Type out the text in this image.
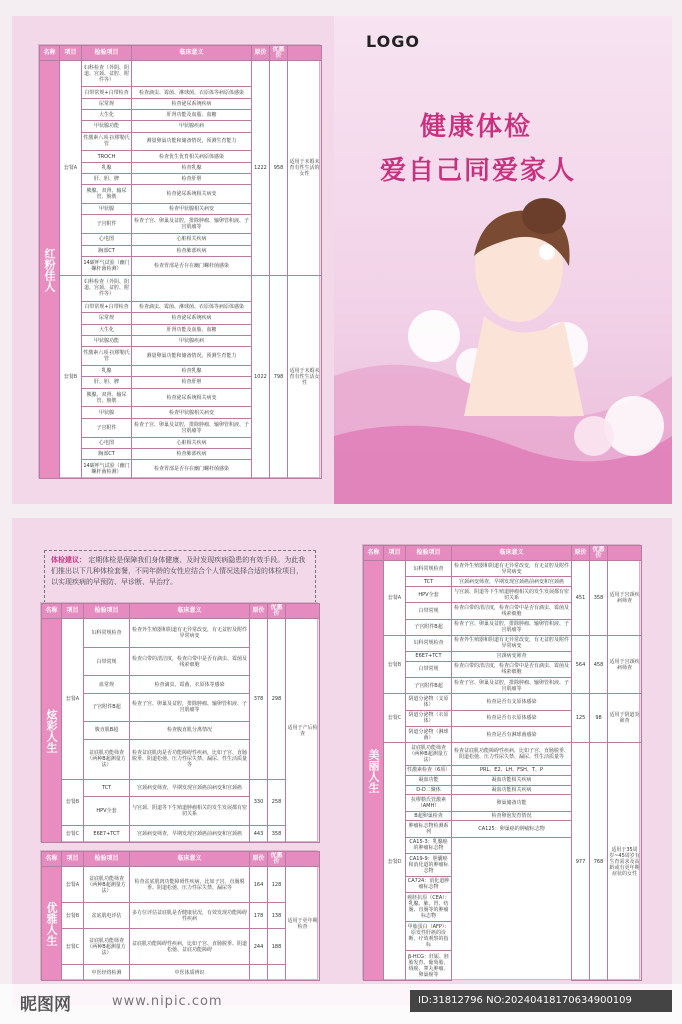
LOGO
健康体检
爱自己同爱家人
名称	项目	检验项目	临床意义	原价	优惠价	
红粉佳人	套餐A	妇科检查（外阴、阴道、宫颈、盆腔、附件等）		1222	958	适用于未婚未育有性生活的女性
		白带常规+白带检查	检查滴虫、霉菌、淋球菌、衣原体等病原体感染			
		尿常规	检查泌尿系统疾病			
		大生化	肝肾功能及血脂、血糖			
		甲状腺功能	甲状腺疾病			
		性激素六项·抗缪勒氏管	测量卵巢功能和储备情况，预测生育能力			
		TROCH	检查优生优育相关病原体感染			
		乳腺	检查乳腺			
		肝、胆、脾	检查肝胆			
		胰腺、双肾、输尿管、膀胱	检查泌尿系统相关病变			
		甲状腺	检查甲状腺相关病变			
		子宫附件	检查子宫、卵巢及盆腔，排除肿瘤、输卵管积液、子宫肌瘤等			
		心电图	心脏相关疾病			
		胸部CT	检查肺部疾病			
		14碳呼气试验（幽门螺杆菌检测）	检查胃部是否存在幽门螺杆菌感染			
	套餐B	妇科检查（外阴、阴道、宫颈、盆腔、附件等）		1022	798	适用于未婚未育有性生活女性
		白带常规+白带检查	检查滴虫、霉菌、淋球菌、衣原体等病原体感染			
		尿常规	检查泌尿系统疾病			
		大生化	肝肾功能及血脂、血糖			
		甲状腺功能	甲状腺疾病			
		性激素六项·抗缪勒氏管	测量卵巢功能和储备情况，预测生育能力			
		乳腺	检查乳腺			
		肝、胆、脾	检查肝胆			
		胰腺、双肾、输尿管、膀胱	检查泌尿系统相关病变			
		甲状腺	检查甲状腺相关病变			
		子宫附件	检查子宫、卵巢及盆腔，排除肿瘤、输卵管积液、子宫肌瘤等			
		心电图	心脏相关疾病			
		胸部CT	检查肺部疾病			
		14碳呼气试验（幽门螺杆菌检测）	检查胃部是否存在幽门螺杆菌感染			
体检建议： 定期体检是保障我们身体健康、及时发现疾病隐患的有效手段。为此我们推出以下几种体检套餐，不同年龄的女性应结合个人情况选择合适的体检项目，以实现疾病的早预防、早诊断、早治疗。
名称	项目	检验项目	临床意义	原价	优惠价	
炫彩人生	套餐A	妇科常规检查	检查外生殖器和阴道有无异常改变，有无盆腔及附件异常病变	378	298	适用于产后检查
		白带常规	检查白带的清洁度，检查白带中是否有滴虫、霉菌及线索细胞			
		血常规	检查滴虫、霉菌、衣原体等感染			
		子宫附件B超	检查子宫、卵巢及盆腔，排除肿瘤、输卵管积液、子宫肌瘤等			
		腹直肌B超	检查腹直肌分离情况			
		盆底肌功能筛查（两种B超测量方法）	检查盆底肌肉是否功能障碍性疾病，比如子宫、直肠脱垂、阴道松弛、压力性尿失禁、漏尿、性生活质量等			
	套餐B	TCT	宫颈病变筛查，早期发现宫颈癌前病变和宫颈癌	330	258	
		HPV全套	与宫颈、阴道等下生殖道肿瘤相关的发生发展都有密切关系			
	套餐C	E6E7+TCT	宫颈病变筛查，早期发现宫颈癌前病变和宫颈癌	443	358	
名称	项目	检验项目	临床意义	原价	优惠价	
优雅人生	套餐A	盆底肌功能筛查（两种B超测量方法）	检查盆底肌肉功能障碍性疾病，比如子宫、直肠脱垂、阴道松弛、压力性尿失禁、漏尿等	164	128	适用于更年期检查
	套餐B	盆底肌电评估	多方位评估盆底肌是否健康状况，有效发现功能障碍性疾病	178	138	
	套餐C	盆底肌功能筛查（两种B超测量方法）	盆底肌功能障碍性疾病，比如子宫、直肠脱垂、阴道松弛、盆底功能障碍	244	188	
		中医经络检测	中医体质辨识			
名称	项目	检验项目	临床意义	原价	优惠价	
美丽人生	套餐A	妇科常规检查	检查外生殖器和阴道有无异常改变，有无盆腔及附件异常病变	451	358	适用于宫颈疾病筛查
		TCT	宫颈病变筛查，早期发现宫颈癌前病变和宫颈癌			
		HPV全套	与宫颈、阴道等下生殖道肿瘤相关的发生发展都有密切关系			
		白带常规	检查白带的清洁度，检查白带中是否有滴虫、霉菌及线索细胞			
		子宫附件B超	检查子宫、卵巢及盆腔，排除肿瘤、输卵管积液、子宫肌瘤等			
	套餐B	妇科常规检查	检查外生殖器和阴道有无异常改变，有无盆腔及附件异常病变	564	458	适用于宫颈疾病筛查
		E6E7+TCT	宫颈病变筛查			
		白带常规	检查白带的清洁度，检查白带中是否有滴虫、霉菌及线索细胞			
		子宫附件B超	检查子宫、卵巢及盆腔，排除肿瘤、输卵管积液、子宫肌瘤等			
	套餐C	阴道分泌物（支原体）	检查是否有支原体感染	125	98	适用于阴道炎筛查
		阴道分泌物（衣原体）	检查是否有衣原体感染			
		阴道分泌物（淋球菌）	检查是否有淋球菌感染			
	套餐D	盆底肌功能筛查（两种B超测量方法）	检查盆底肌功能障碍性疾病，比如子宫、直肠脱垂、阴道松弛、压力性尿失禁、漏尿、性生活质量等	977	768	适用于35周岁~45周岁有生育需求及高龄或有更年期症状的女性
		性激素检查（6项）	PRL、E2、LH、FSH、T、P			
		凝血功能	凝血功能相关疾病			
		D-D二聚体	凝血功能相关疾病			
		抗缪勒氏管激素（AMH）	卵巢储备功能			
		B超卵巢检查	检查卵泡发育情况			
		肿瘤标志物检测系列	CA125：卵巢癌的肿瘤标志物			
		CA15-3：乳腺癌的肿瘤标志物				
		CA19-9：胆囊癌和消化道的肿瘤标志物				
		CA724：消化道肿瘤标志物				
		癌胚抗原（CEA）：乳腺、肺、胃、结肠、直肠等的肿瘤标志物				
		甲胎蛋白（AFP）：原发性肝癌的诊断、疗效观察的指标				
		β-HCG：妊娠、胚胎发育、葡萄胎、绒癌、睾丸肿瘤、卵巢癌等				
昵图网	www.nipic.com	ID:31812796 NO:20240418170634900109
